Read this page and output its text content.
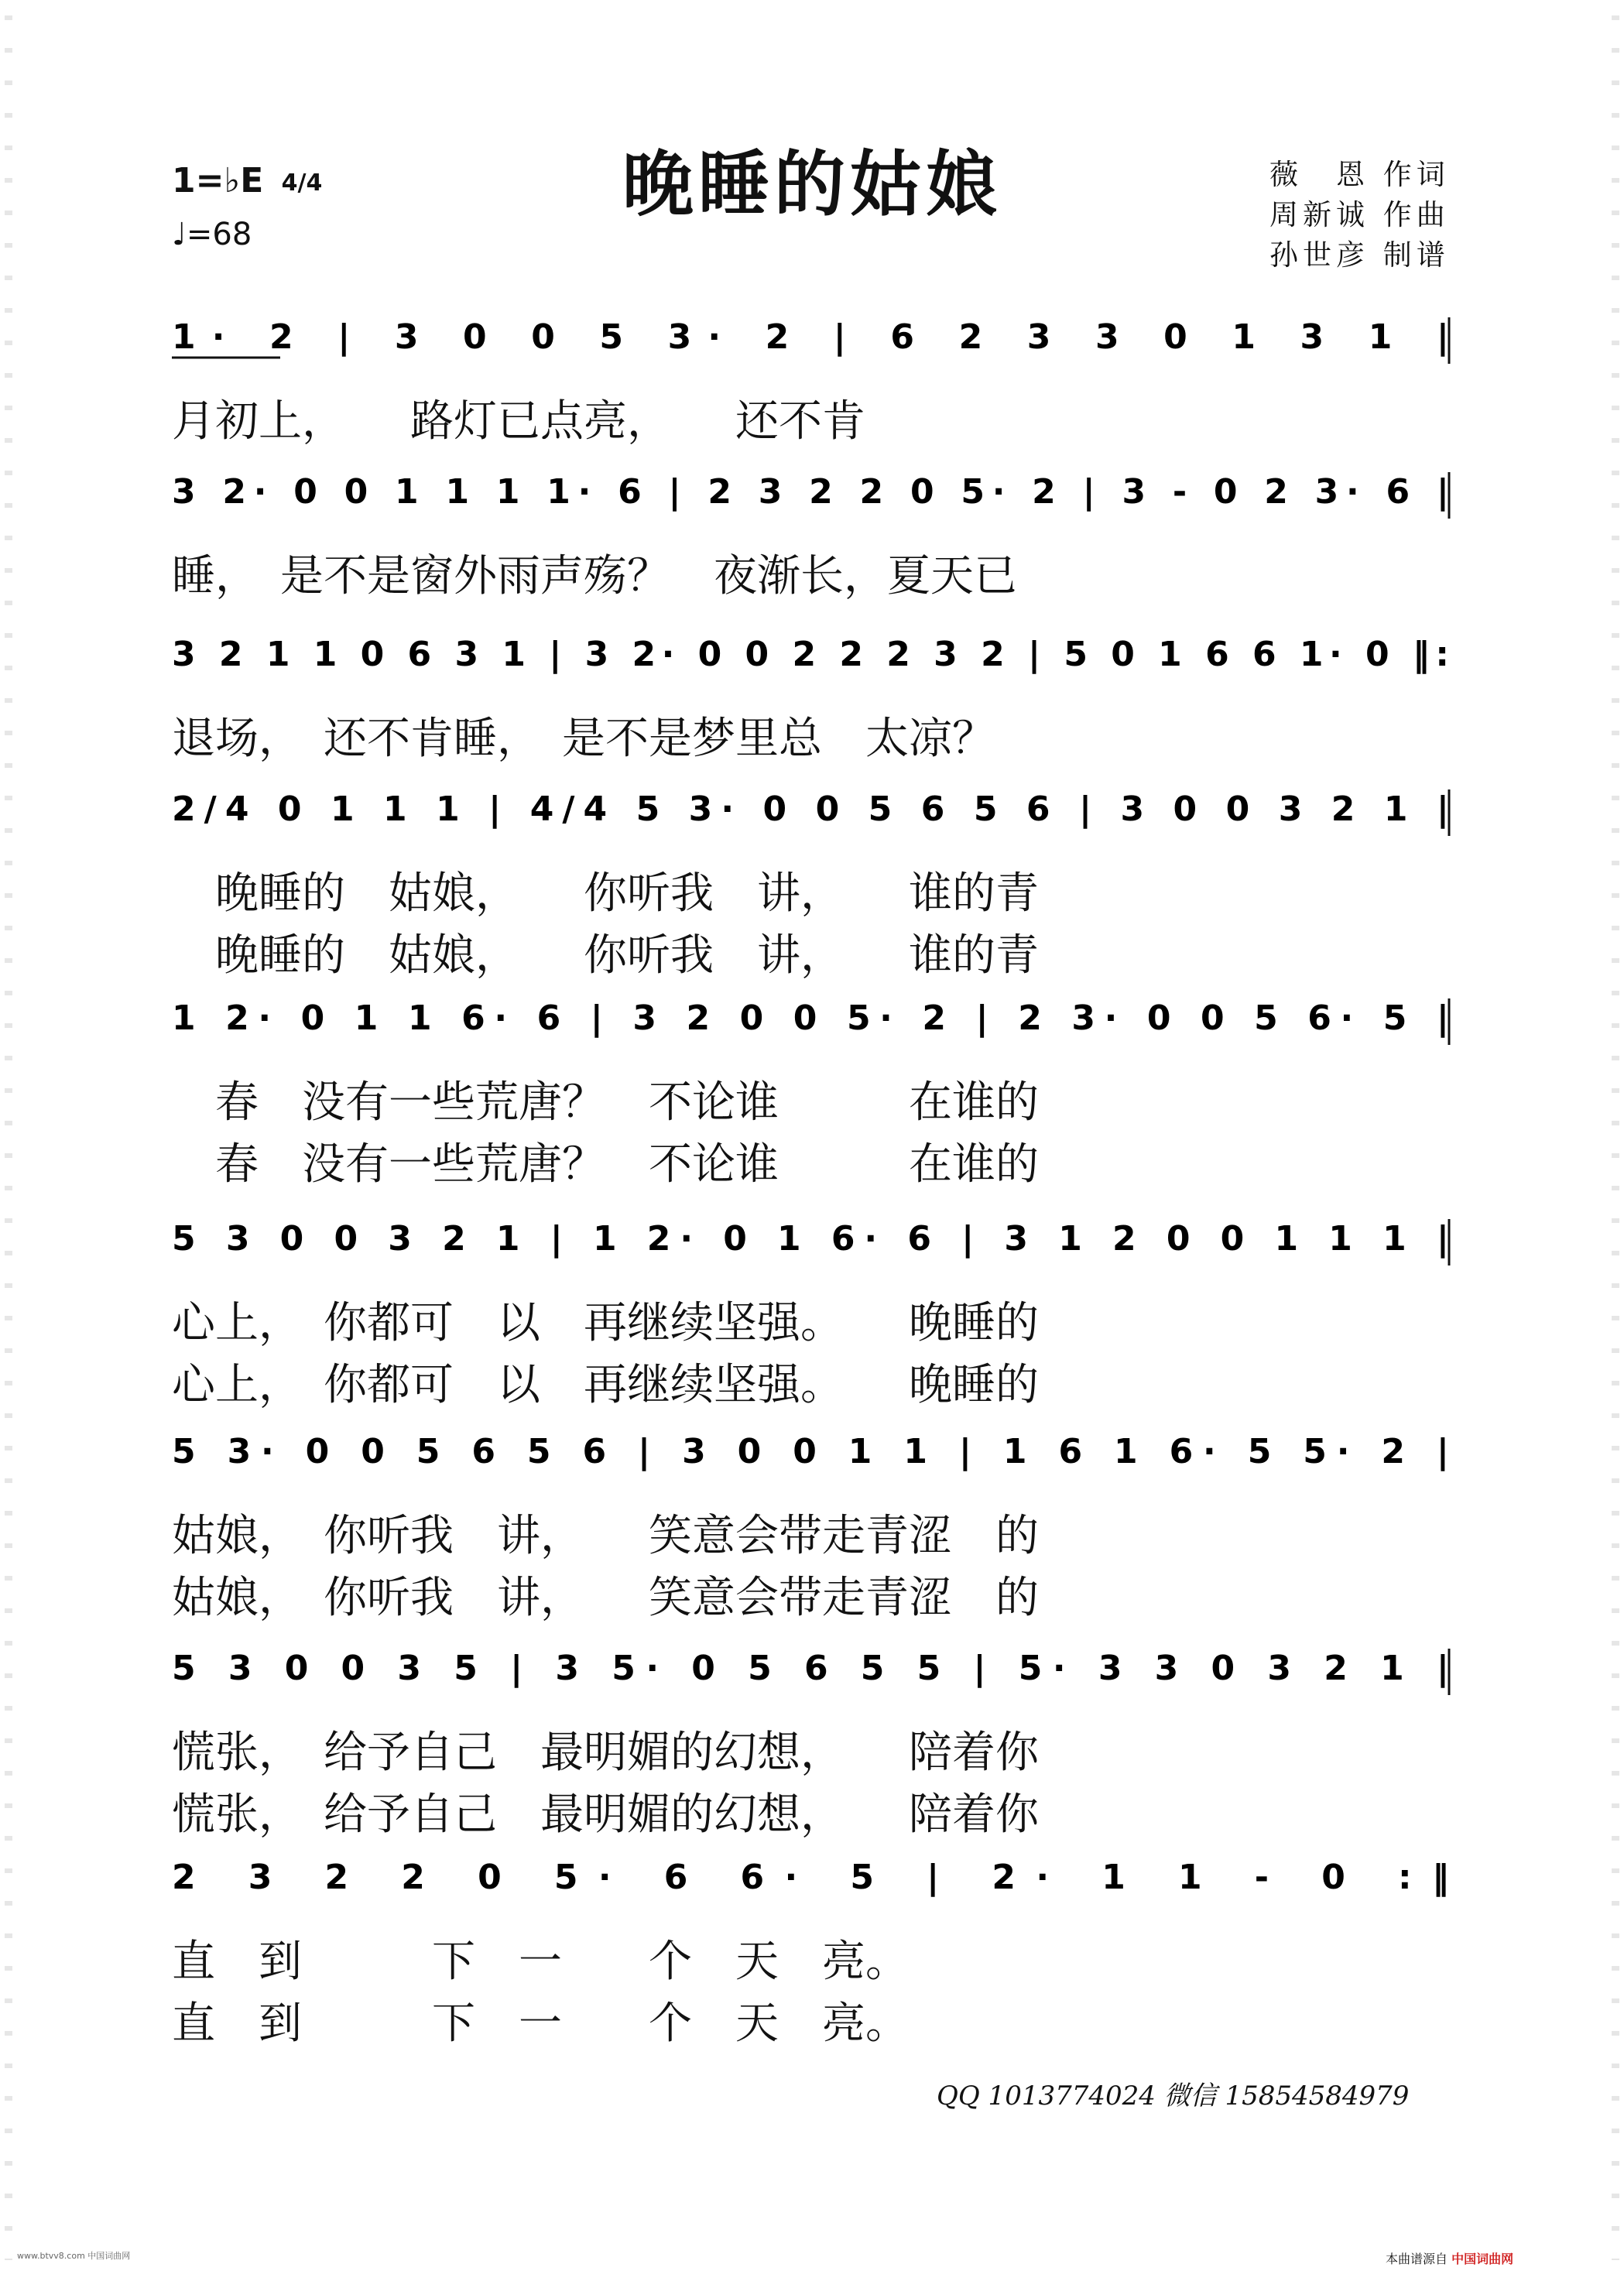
晚睡的姑娘
1=♭E 4/4
♩=68
薇　恩 作词
周新诚 作曲
孙世彦 制谱
1· 2 | 3 0 0 5 3· 2 | 6 2 3 3 0 1 3 1 |
月初上，　　路灯已点亮，　　还不肯
3 2· 0 0 1 1 1 1· 6 | 2 3 2 2 0 5· 2 | 3 - 0 2 3· 6 |
睡，　是不是窗外雨声殇？　夜渐长，夏天已
3 2 1 1 0 6 3 1 | 3 2· 0 0 2 2 2 3 2 | 5 0 1 6 6 1· 0 ‖:
退场，　还不肯睡，　是不是梦里总　太凉？
2/4 0 1 1 1 | 4/4 5 3· 0 0 5 6 5 6 | 3 0 0 3 2 1 |
　晚睡的　姑娘，　　你听我　讲，　　谁的青
　晚睡的　姑娘，　　你听我　讲，　　谁的青
1 2· 0 1 1 6· 6 | 3 2 0 0 5· 2 | 2 3· 0 0 5 6· 5 |
　春　没有一些荒唐？　不论谁　　　在谁的
　春　没有一些荒唐？　不论谁　　　在谁的
5 3 0 0 3 2 1 | 1 2· 0 1 6· 6 | 3 1 2 0 0 1 1 1 |
心上，　你都可　以　再继续坚强。　　晚睡的
心上，　你都可　以　再继续坚强。　　晚睡的
5 3· 0 0 5 6 5 6 | 3 0 0 1 1 | 1 6 1 6· 5 5· 2 |
姑娘，　你听我　讲，　　笑意会带走青涩　的
姑娘，　你听我　讲，　　笑意会带走青涩　的
5 3 0 0 3 5 | 3 5· 0 5 6 5 5 | 5· 3 3 0 3 2 1 |
慌张，　给予自己　最明媚的幻想，　　陪着你
慌张，　给予自己　最明媚的幻想，　　陪着你
2 3 2 2 0 5· 6 6· 5 | 2· 1 1 - 0 :‖
直　到　　　下　一　　个　天　亮。
直　到　　　下　一　　个　天　亮。
QQ 1013774024 微信 15854584979
www.btvv8.com 中国词曲网	本曲谱源自 中国词曲网
